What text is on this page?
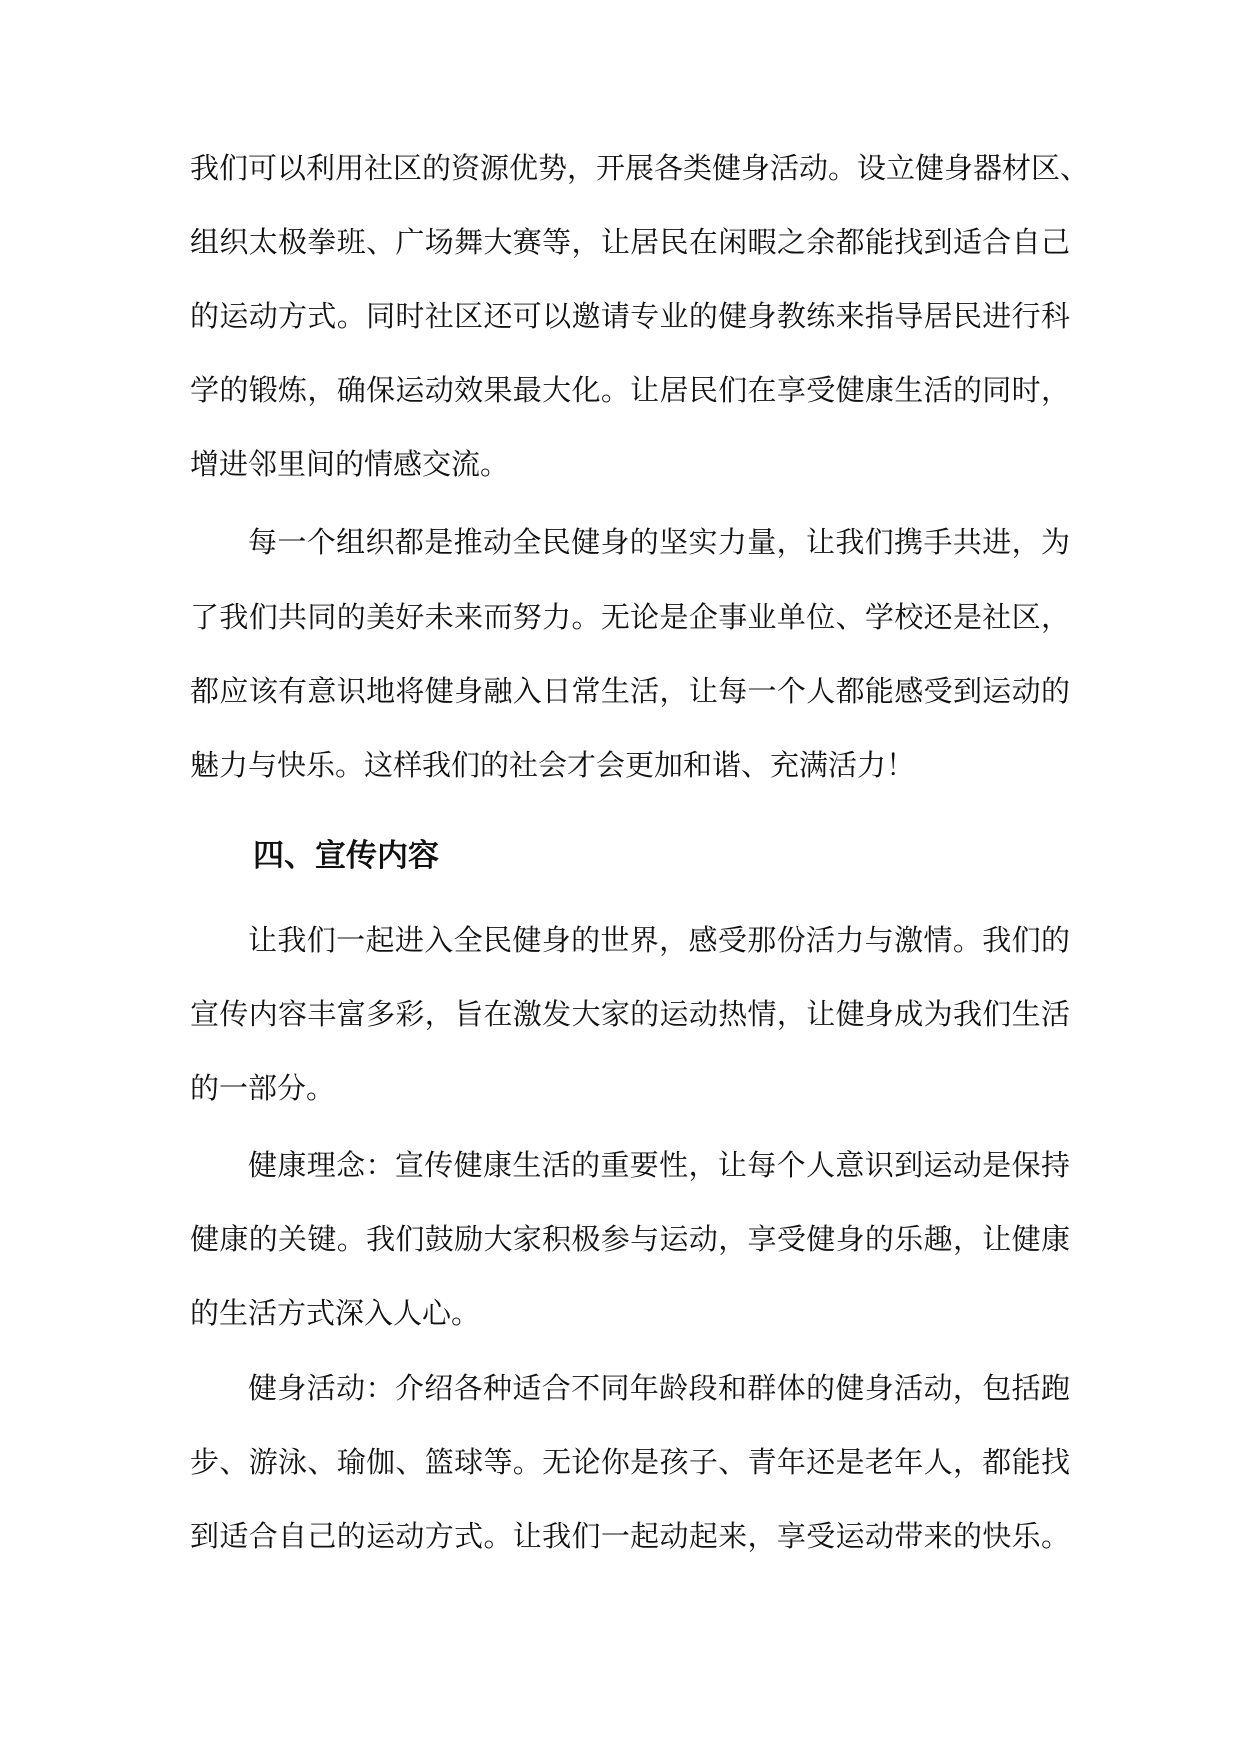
我们可以利用社区的资源优势，开展各类健身活动。设立健身器材区、
组织太极拳班、广场舞大赛等，让居民在闲暇之余都能找到适合自己
的运动方式。同时社区还可以邀请专业的健身教练来指导居民进行科
学的锻炼，确保运动效果最大化。让居民们在享受健康生活的同时，
增进邻里间的情感交流。
每一个组织都是推动全民健身的坚实力量，让我们携手共进，为
了我们共同的美好未来而努力。无论是企事业单位、学校还是社区，
都应该有意识地将健身融入日常生活，让每一个人都能感受到运动的
魅力与快乐。这样我们的社会才会更加和谐、充满活力！
四、宣传内容
让我们一起进入全民健身的世界，感受那份活力与激情。我们的
宣传内容丰富多彩，旨在激发大家的运动热情，让健身成为我们生活
的一部分。
健康理念：宣传健康生活的重要性，让每个人意识到运动是保持
健康的关键。我们鼓励大家积极参与运动，享受健身的乐趣，让健康
的生活方式深入人心。
健身活动：介绍各种适合不同年龄段和群体的健身活动，包括跑
步、游泳、瑜伽、篮球等。无论你是孩子、青年还是老年人，都能找
到适合自己的运动方式。让我们一起动起来，享受运动带来的快乐。
